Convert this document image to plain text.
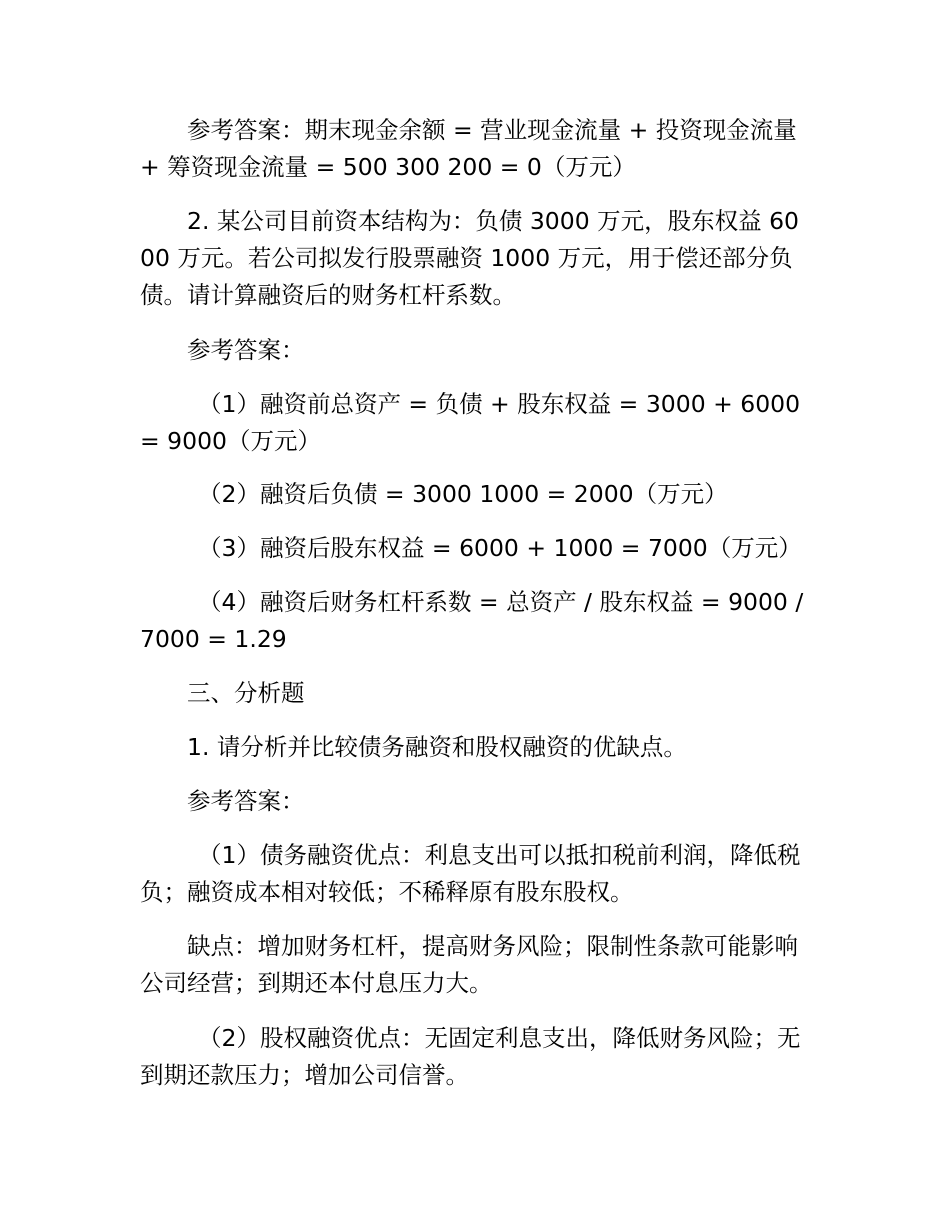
参考答案：期末现金余额 = 营业现金流量 + 投资现金流量 + 筹资现金流量 = 500 300 200 = 0（万元）

2. 某公司目前资本结构为：负债 3000 万元，股东权益 6000 万元。若公司拟发行股票融资 1000 万元，用于偿还部分负债。请计算融资后的财务杠杆系数。

参考答案：

（1）融资前总资产 = 负债 + 股东权益 = 3000 + 6000 = 9000（万元）

（2）融资后负债 = 3000 1000 = 2000（万元）

（3）融资后股东权益 = 6000 + 1000 = 7000（万元）

（4）融资后财务杠杆系数 = 总资产 / 股东权益 = 9000 / 7000 = 1.29

三、分析题

1. 请分析并比较债务融资和股权融资的优缺点。

参考答案：

（1）债务融资优点：利息支出可以抵扣税前利润，降低税负；融资成本相对较低；不稀释原有股东股权。

缺点：增加财务杠杆，提高财务风险；限制性条款可能影响公司经营；到期还本付息压力大。

（2）股权融资优点：无固定利息支出，降低财务风险；无到期还款压力；增加公司信誉。
